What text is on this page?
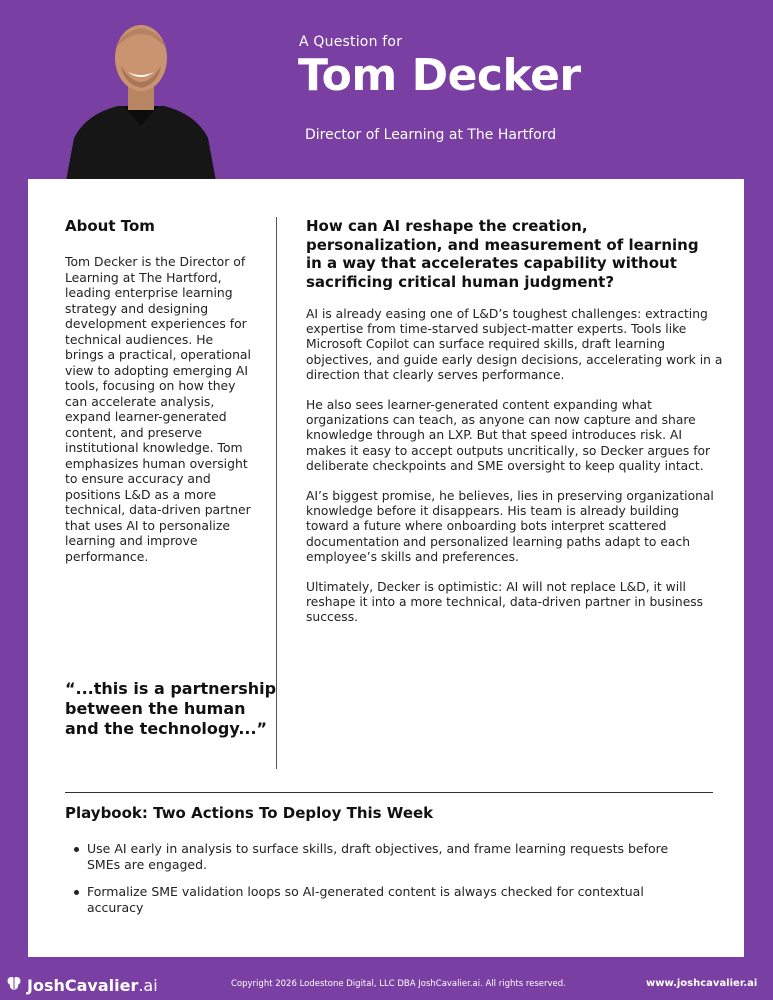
A Question for
Tom Decker
Director of Learning at The Hartford
About Tom
Tom Decker is the Director of Learning at The Hartford, leading enterprise learning strategy and designing development experiences for technical audiences. He brings a practical, operational view to adopting emerging AI tools, focusing on how they can accelerate analysis, expand learner-generated content, and preserve institutional knowledge. Tom emphasizes human oversight to ensure accuracy and positions L&D as a more technical, data-driven partner that uses AI to personalize learning and improve performance.
“...this is a partnership between the human and the technology...”
How can AI reshape the creation, personalization, and measurement of learning in a way that accelerates capability without sacrificing critical human judgment?

AI is already easing one of L&D’s toughest challenges: extracting expertise from time-starved subject-matter experts. Tools like Microsoft Copilot can surface required skills, draft learning objectives, and guide early design decisions, accelerating work in a direction that clearly serves performance.

He also sees learner-generated content expanding what organizations can teach, as anyone can now capture and share knowledge through an LXP. But that speed introduces risk. AI makes it easy to accept outputs uncritically, so Decker argues for deliberate checkpoints and SME oversight to keep quality intact.

AI’s biggest promise, he believes, lies in preserving organizational knowledge before it disappears. His team is already building toward a future where onboarding bots interpret scattered documentation and personalized learning paths adapt to each employee’s skills and preferences.

Ultimately, Decker is optimistic: AI will not replace L&D, it will reshape it into a more technical, data-driven partner in business success.

Playbook: Two Actions To Deploy This Week
Use AI early in analysis to surface skills, draft objectives, and frame learning requests before SMEs are engaged.
Formalize SME validation loops so AI-generated content is always checked for contextual accuracy
JoshCavalier.ai	Copyright 2026 Lodestone Digital, LLC DBA JoshCavalier.ai. All rights reserved.	www.joshcavalier.ai
